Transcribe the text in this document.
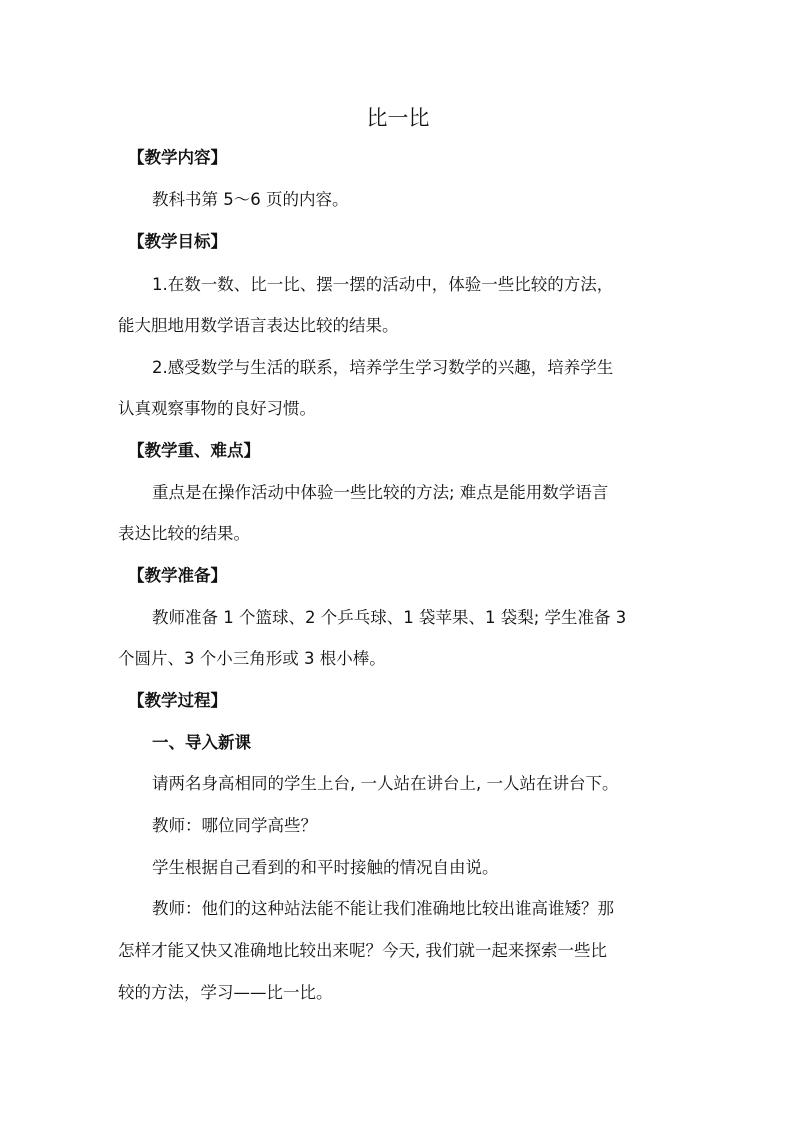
比一比
【教学内容】
教科书第 5～6 页的内容。
【教学目标】
1.在数一数、比一比、摆一摆的活动中，体验一些比较的方法，
能大胆地用数学语言表达比较的结果。
2.感受数学与生活的联系，培养学生学习数学的兴趣，培养学生
认真观察事物的良好习惯。
【教学重、难点】
重点是在操作活动中体验一些比较的方法; 难点是能用数学语言
表达比较的结果。
【教学准备】
教师准备 1 个篮球、2 个乒乓球、1 袋苹果、1 袋梨; 学生准备 3
个圆片、3 个小三角形或 3 根小棒。
【教学过程】
一、导入新课
请两名身高相同的学生上台, 一人站在讲台上, 一人站在讲台下。
教师：哪位同学高些？
学生根据自己看到的和平时接触的情况自由说。
教师：他们的这种站法能不能让我们准确地比较出谁高谁矮？那
怎样才能又快又准确地比较出来呢？今天, 我们就一起来探索一些比
较的方法，学习——比一比。
